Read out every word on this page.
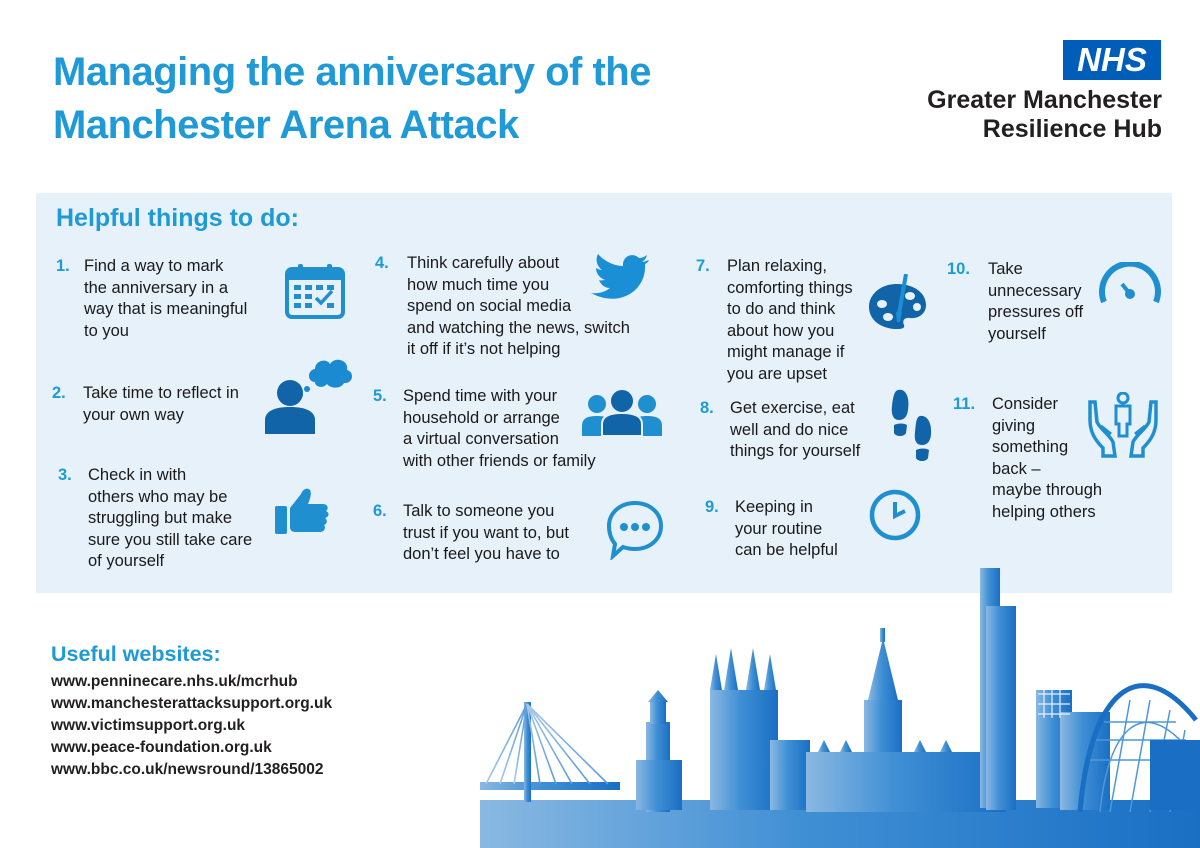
Managing the anniversary of the
Manchester Arena Attack
NHS
Greater Manchester
Resilience Hub
Helpful things to do:
1. Find a way to mark
the anniversary in a
way that is meaningful
to you
2. Take time to reflect in
your own way
3. Check in with
others who may be
struggling but make
sure you still take care
of yourself
4. Think carefully about
how much time you
spend on social media
and watching the news, switch
it off if it’s not helping
5. Spend time with your
household or arrange
a virtual conversation
with other friends or family
6. Talk to someone you
trust if you want to, but
don’t feel you have to
7. Plan relaxing,
comforting things
to do and think
about how you
might manage if
you are upset
8. Get exercise, eat
well and do nice
things for yourself
9. Keeping in
your routine
can be helpful
10. Take
unnecessary
pressures off
yourself
11. Consider
giving
something
back –
maybe through
helping others
Useful websites:
www.penninecare.nhs.uk/mcrhub
www.manchesterattacksupport.org.uk
www.victimsupport.org.uk
www.peace-foundation.org.uk
www.bbc.co.uk/newsround/13865002
